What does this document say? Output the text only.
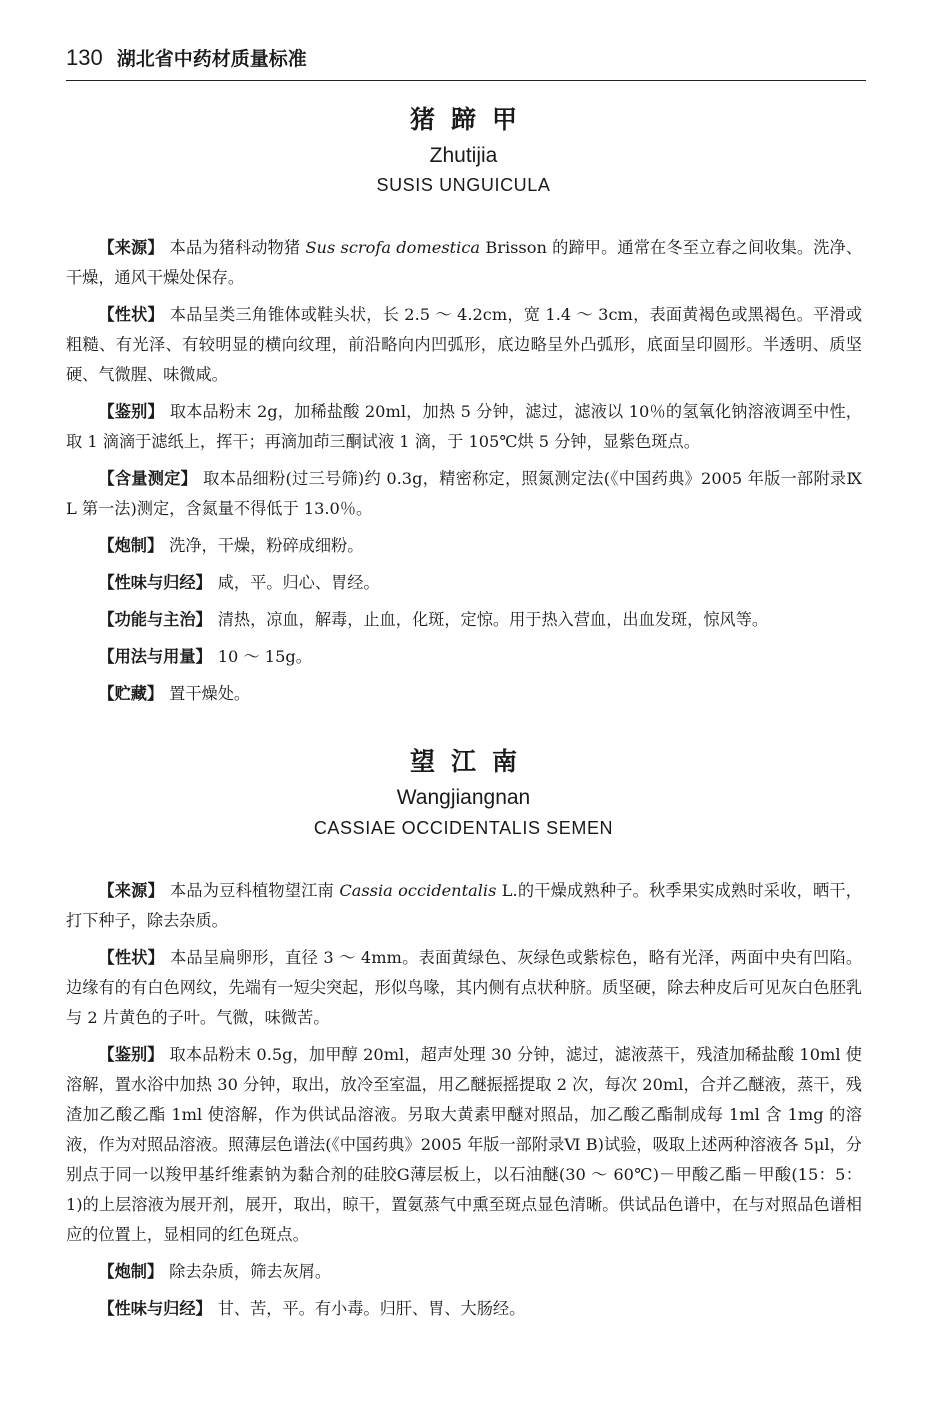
130 湖北省中药材质量标准
猪蹄甲
Zhutijia
SUSIS UNGUICULA

【来源】 本品为猪科动物猪 Sus scrofa domestica Brisson 的蹄甲。通常在冬至立春之间收集。洗净、干燥，通风干燥处保存。

【性状】 本品呈类三角锥体或鞋头状，长 2.5 ～ 4.2cm，宽 1.4 ～ 3cm，表面黄褐色或黑褐色。平滑或粗糙、有光泽、有较明显的横向纹理，前沿略向内凹弧形，底边略呈外凸弧形，底面呈印圆形。半透明、质坚硬、气微腥、味微咸。

【鉴别】 取本品粉末 2g，加稀盐酸 20ml，加热 5 分钟，滤过，滤液以 10％的氢氧化钠溶液调至中性，取 1 滴滴于滤纸上，挥干；再滴加茚三酮试液 1 滴，于 105℃烘 5 分钟，显紫色斑点。

【含量测定】 取本品细粉(过三号筛)约 0.3g，精密称定，照氮测定法(《中国药典》2005 年版一部附录Ⅸ L 第一法)测定，含氮量不得低于 13.0％。

【炮制】 洗净，干燥，粉碎成细粉。

【性味与归经】 咸，平。归心、胃经。

【功能与主治】 清热，凉血，解毒，止血，化斑，定惊。用于热入营血，出血发斑，惊风等。

【用法与用量】 10 ～ 15g。

【贮藏】 置干燥处。

望江南
Wangjiangnan
CASSIAE OCCIDENTALIS SEMEN

【来源】 本品为豆科植物望江南 Cassia occidentalis L.的干燥成熟种子。秋季果实成熟时采收，晒干，打下种子，除去杂质。

【性状】 本品呈扁卵形，直径 3 ～ 4mm。表面黄绿色、灰绿色或紫棕色，略有光泽，两面中央有凹陷。边缘有的有白色网纹，先端有一短尖突起，形似鸟喙，其内侧有点状种脐。质坚硬，除去种皮后可见灰白色胚乳与 2 片黄色的子叶。气微，味微苦。

【鉴别】 取本品粉末 0.5g，加甲醇 20ml，超声处理 30 分钟，滤过，滤液蒸干，残渣加稀盐酸 10ml 使溶解，置水浴中加热 30 分钟，取出，放冷至室温，用乙醚振摇提取 2 次，每次 20ml，合并乙醚液，蒸干，残渣加乙酸乙酯 1ml 使溶解，作为供试品溶液。另取大黄素甲醚对照品，加乙酸乙酯制成每 1ml 含 1mg 的溶液，作为对照品溶液。照薄层色谱法(《中国药典》2005 年版一部附录Ⅵ B)试验，吸取上述两种溶液各 5μl，分别点于同一以羧甲基纤维素钠为黏合剂的硅胶G薄层板上，以石油醚(30 ～ 60℃)－甲酸乙酯－甲酸(15：5：1)的上层溶液为展开剂，展开，取出，晾干，置氨蒸气中熏至斑点显色清晰。供试品色谱中，在与对照品色谱相应的位置上，显相同的红色斑点。

【炮制】 除去杂质，筛去灰屑。

【性味与归经】 甘、苦，平。有小毒。归肝、胃、大肠经。
